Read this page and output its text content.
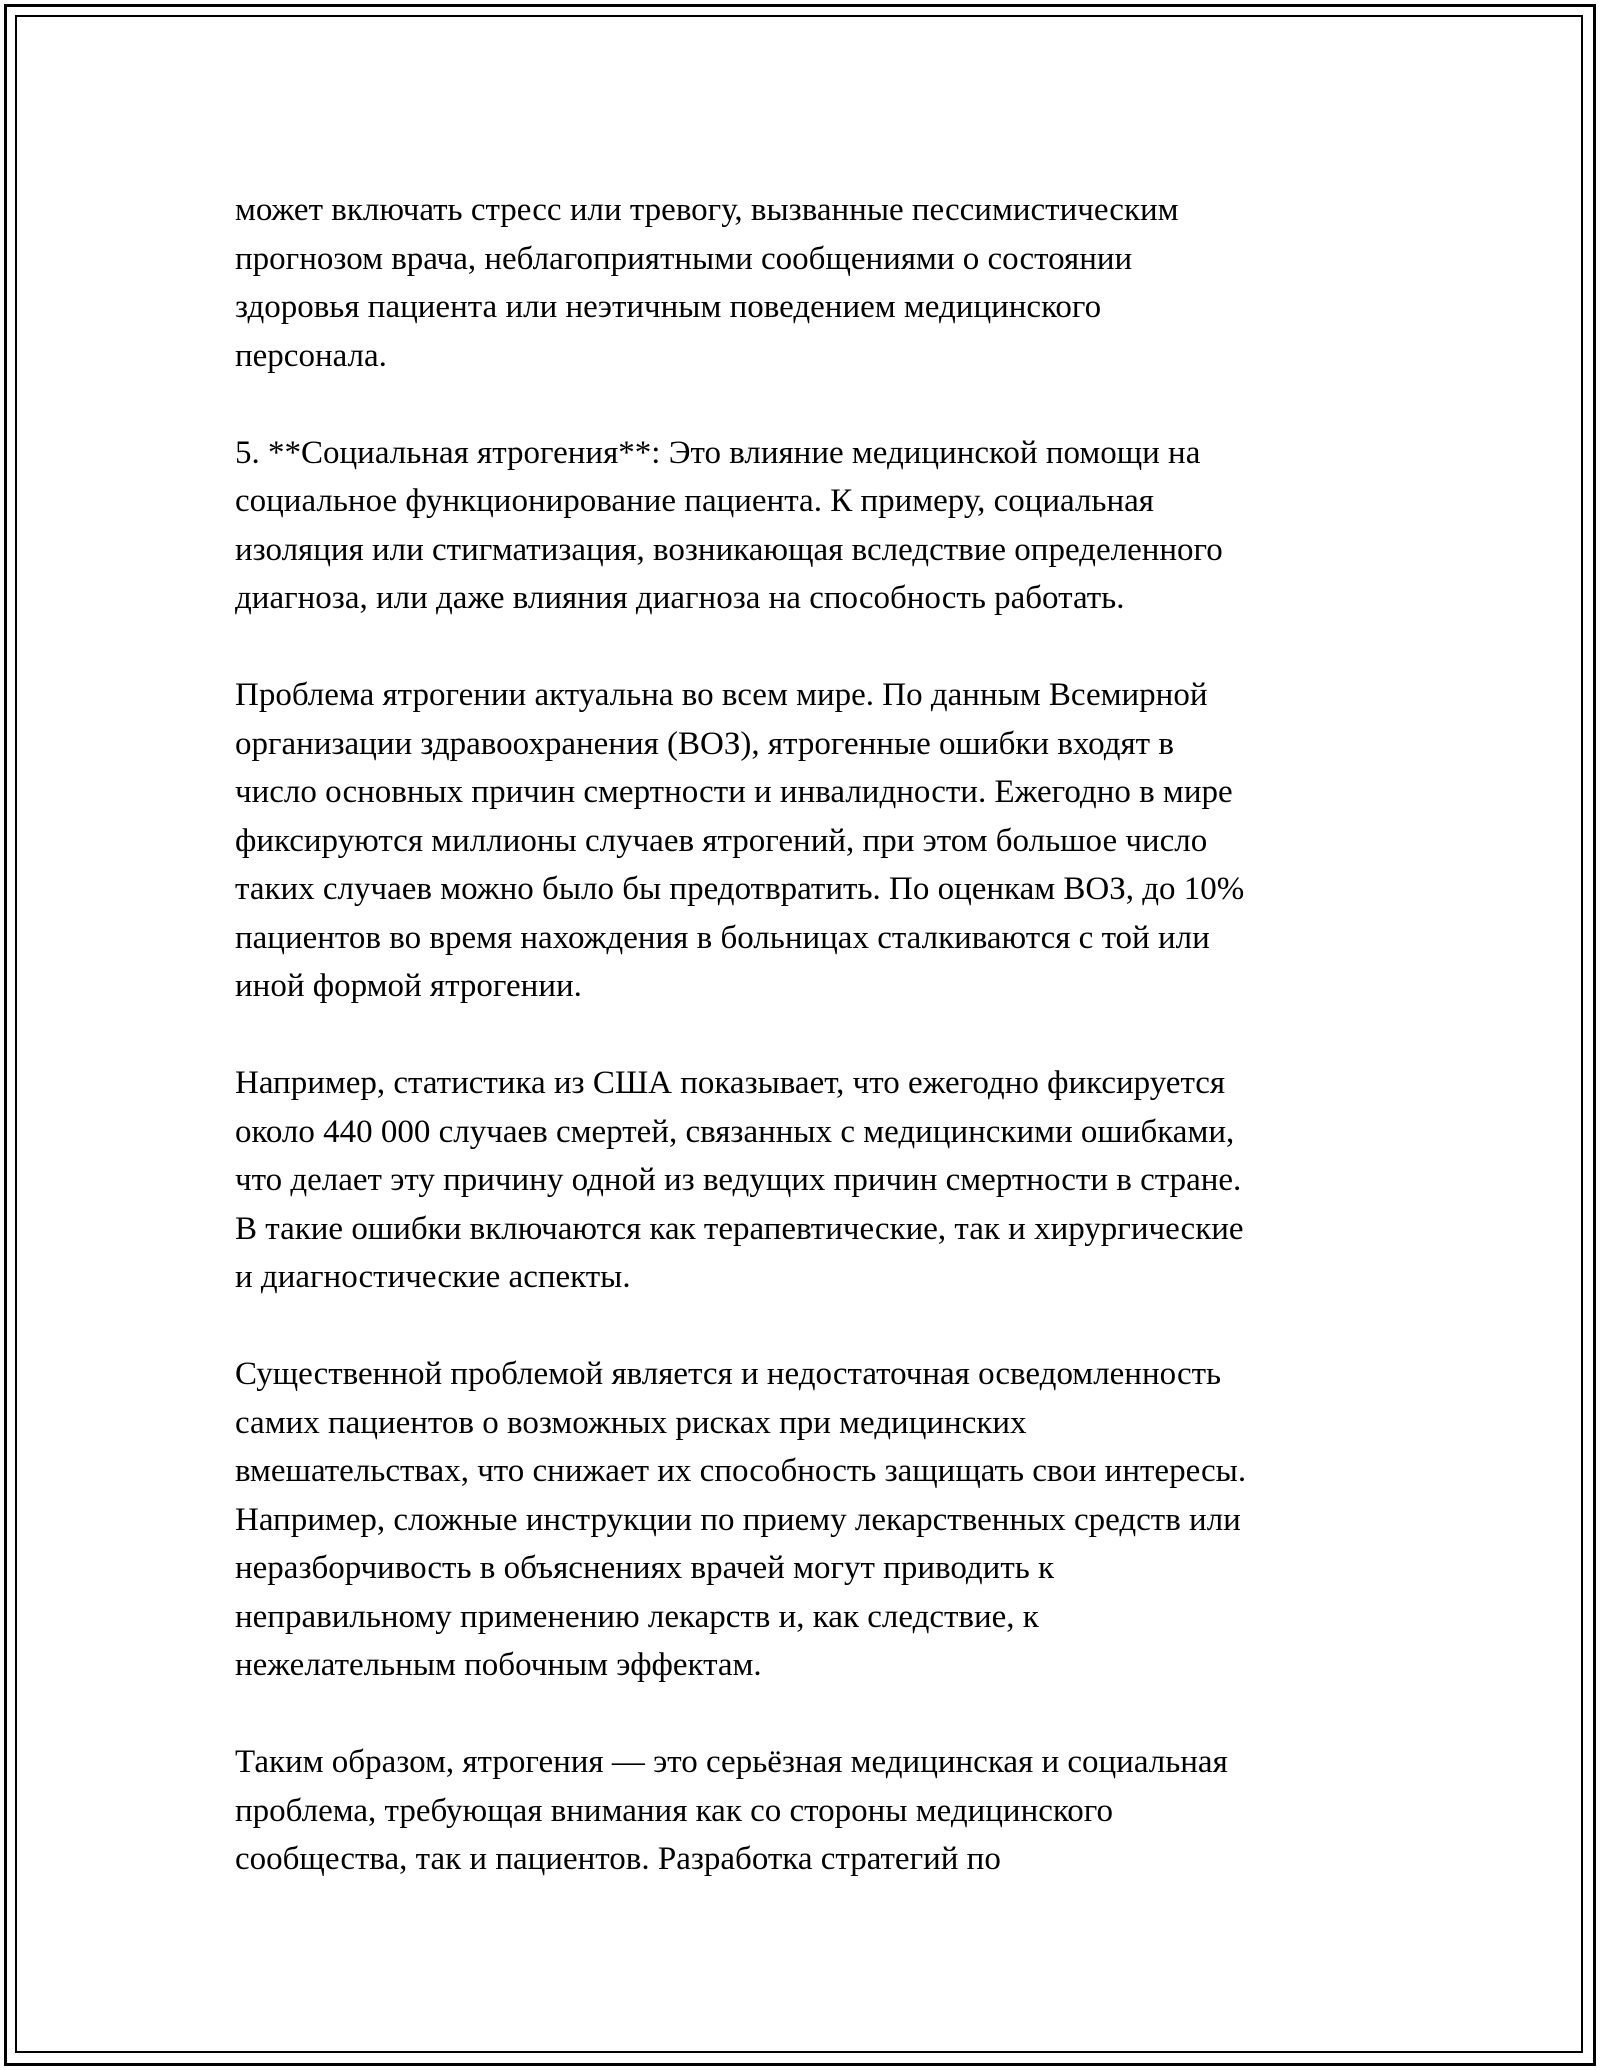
может включать стресс или тревогу, вызванные пессимистическим
прогнозом врача, неблагоприятными сообщениями о состоянии
здоровья пациента или неэтичным поведением медицинского
персонала.

5. **Социальная ятрогения**: Это влияние медицинской помощи на
социальное функционирование пациента. К примеру, социальная
изоляция или стигматизация, возникающая вследствие определенного
диагноза, или даже влияния диагноза на способность работать.

Проблема ятрогении актуальна во всем мире. По данным Всемирной
организации здравоохранения (ВОЗ), ятрогенные ошибки входят в
число основных причин смертности и инвалидности. Ежегодно в мире
фиксируются миллионы случаев ятрогений, при этом большое число
таких случаев можно было бы предотвратить. По оценкам ВОЗ, до 10%
пациентов во время нахождения в больницах сталкиваются с той или
иной формой ятрогении.

Например, статистика из США показывает, что ежегодно фиксируется
около 440 000 случаев смертей, связанных с медицинскими ошибками,
что делает эту причину одной из ведущих причин смертности в стране.
В такие ошибки включаются как терапевтические, так и хирургические
и диагностические аспекты.

Существенной проблемой является и недостаточная осведомленность
самих пациентов о возможных рисках при медицинских
вмешательствах, что снижает их способность защищать свои интересы.
Например, сложные инструкции по приему лекарственных средств или
неразборчивость в объяснениях врачей могут приводить к
неправильному применению лекарств и, как следствие, к
нежелательным побочным эффектам.

Таким образом, ятрогения — это серьёзная медицинская и социальная
проблема, требующая внимания как со стороны медицинского
сообщества, так и пациентов. Разработка стратегий по
